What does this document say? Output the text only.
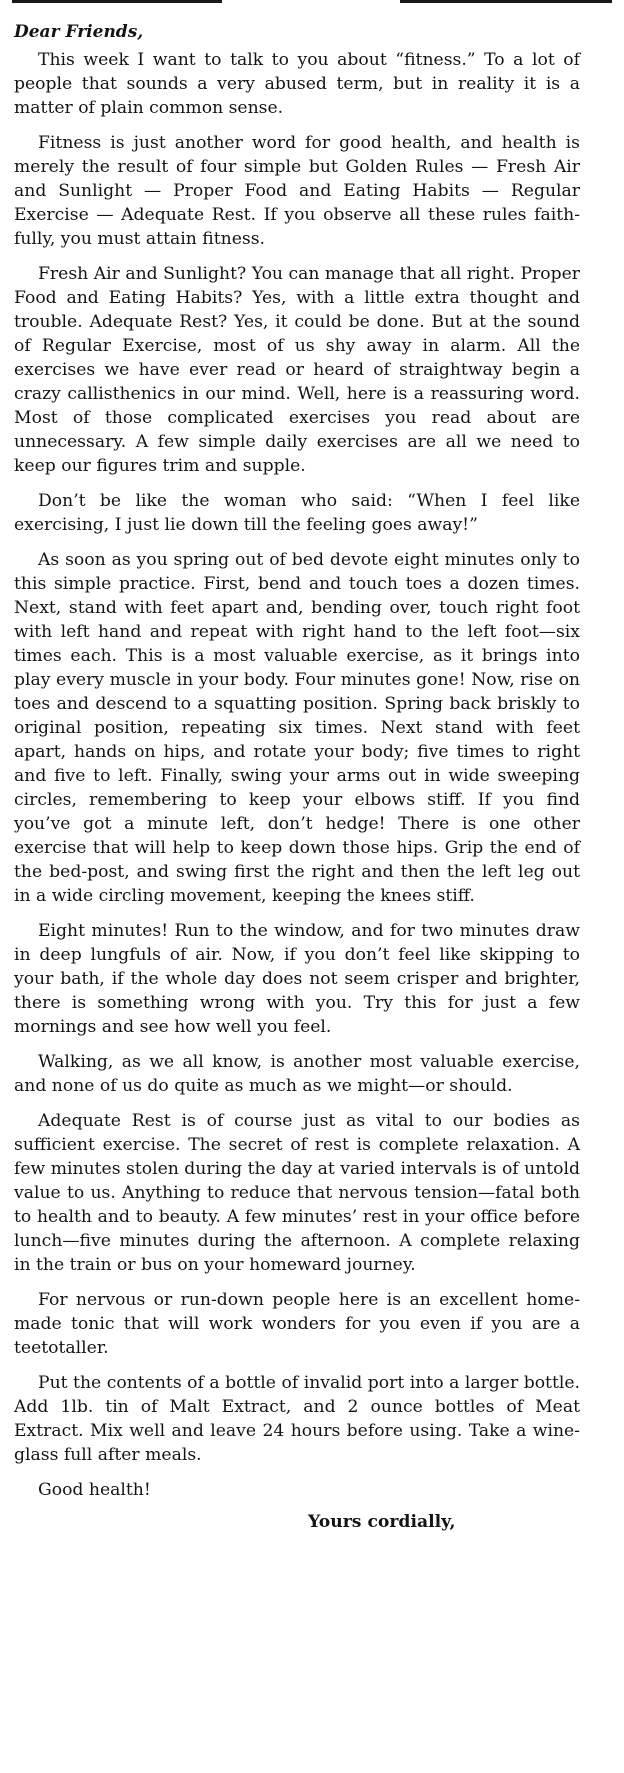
Dear Friends,

This week I want to talk to you about “fitness.” To a lot of people that sounds a very abused term, but in reality it is a matter of plain common sense.

Fitness is just another word for good health, and health is merely the result of four simple but Golden Rules — Fresh Air and Sunlight — Proper Food and Eating Habits — Regular Exercise — Adequate Rest. If you observe all these rules faithfully, you must attain fitness.

Fresh Air and Sunlight? You can manage that all right. Proper Food and Eating Habits? Yes, with a little extra thought and trouble. Adequate Rest? Yes, it could be done. But at the sound of Regular Exercise, most of us shy away in alarm. All the exercises we have ever read or heard of straightway begin a crazy callisthenics in our mind. Well, here is a reassuring word. Most of those complicated exercises you read about are unnecessary. A few simple daily exercises are all we need to keep our figures trim and supple.

Don’t be like the woman who said: “When I feel like exercising, I just lie down till the feeling goes away!”

As soon as you spring out of bed devote eight minutes only to this simple practice. First, bend and touch toes a dozen times. Next, stand with feet apart and, bending over, touch right foot with left hand and repeat with right hand to the left foot—six times each. This is a most valuable exercise, as it brings into play every muscle in your body. Four minutes gone! Now, rise on toes and descend to a squatting position. Spring back briskly to original position, repeating six times. Next stand with feet apart, hands on hips, and rotate your body; five times to right and five to left. Finally, swing your arms out in wide sweeping circles, remembering to keep your elbows stiff. If you find you’ve got a minute left, don’t hedge! There is one other exercise that will help to keep down those hips. Grip the end of the bed-post, and swing first the right and then the left leg out in a wide circling movement, keeping the knees stiff.

Eight minutes! Run to the window, and for two minutes draw in deep lungfuls of air. Now, if you don’t feel like skipping to your bath, if the whole day does not seem crisper and brighter, there is something wrong with you. Try this for just a few mornings and see how well you feel.

Walking, as we all know, is another most valuable exercise, and none of us do quite as much as we might—or should.

Adequate Rest is of course just as vital to our bodies as sufficient exercise. The secret of rest is complete relaxation. A few minutes stolen during the day at varied intervals is of untold value to us. Anything to reduce that nervous tension—fatal both to health and to beauty. A few minutes’ rest in your office before lunch—five minutes during the afternoon. A complete relaxing in the train or bus on your homeward journey.

For nervous or run-down people here is an excellent home-made tonic that will work wonders for you even if you are a teetotaller.

Put the contents of a bottle of invalid port into a larger bottle. Add 1lb. tin of Malt Extract, and 2 ounce bottles of Meat Extract. Mix well and leave 24 hours before using. Take a wine-glass full after meals.

Good health!

Yours cordially,
